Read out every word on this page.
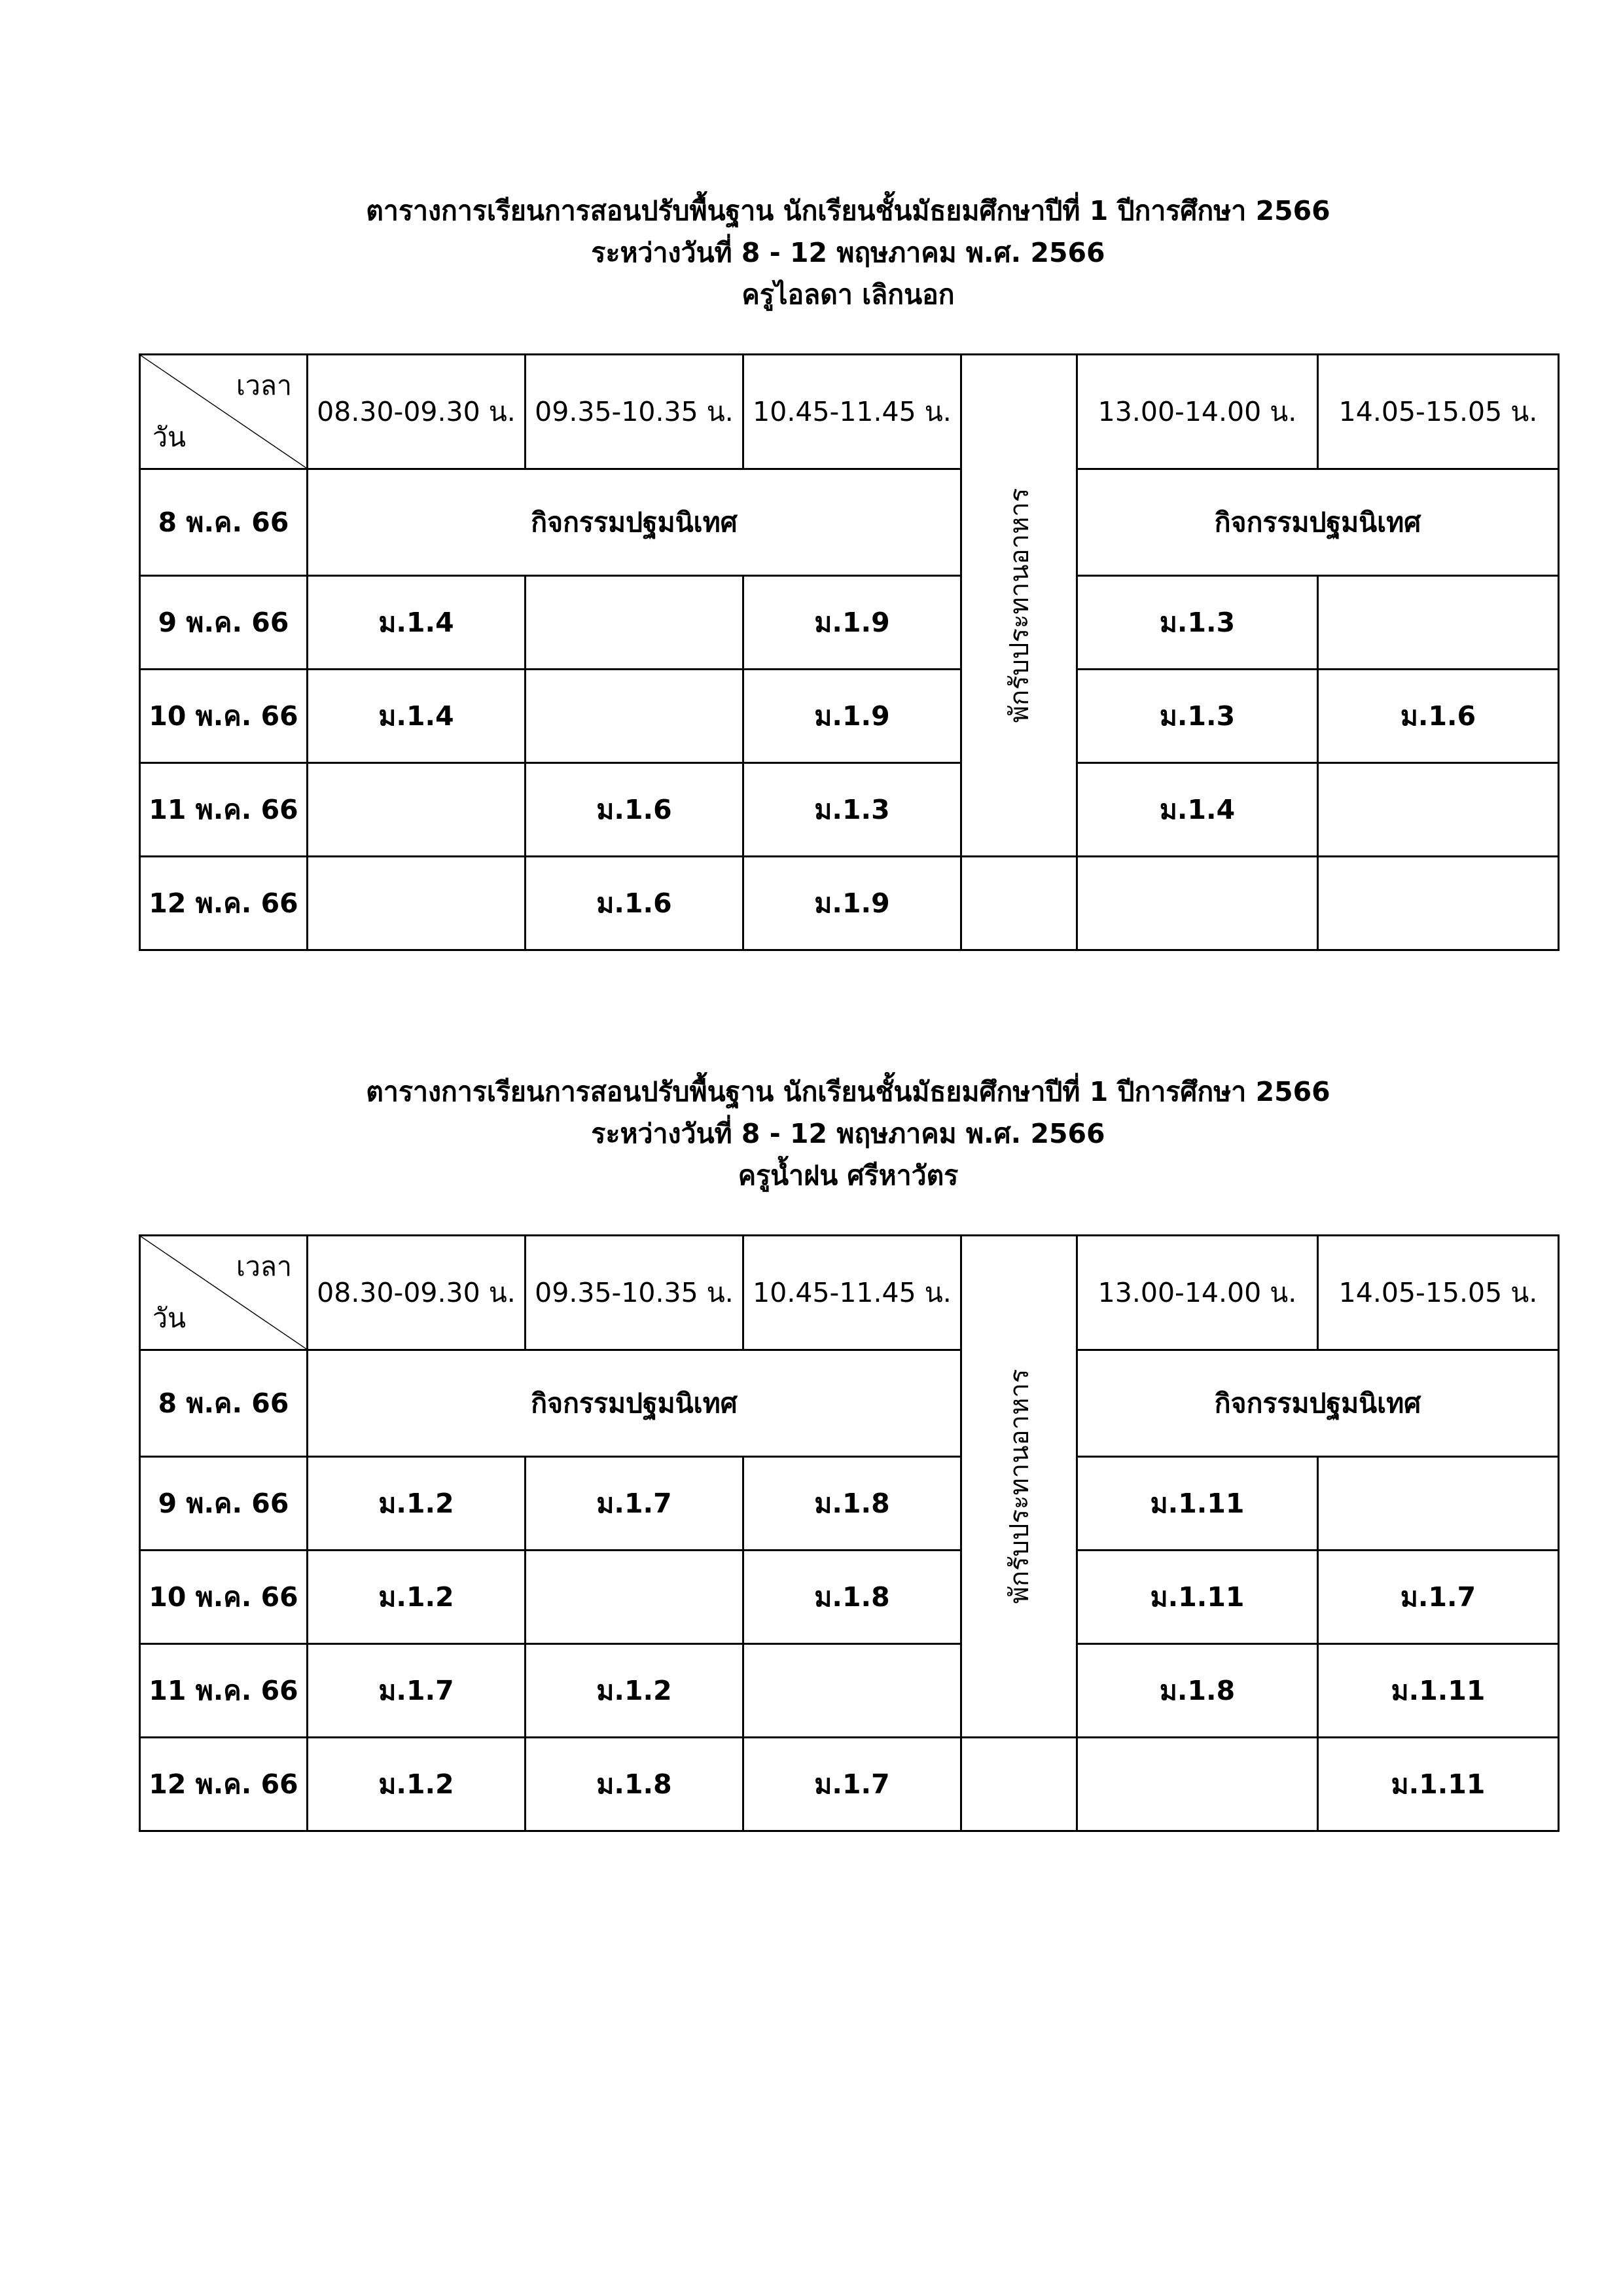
ตารางการเรียนการสอนปรับพื้นฐาน นักเรียนชั้นมัธยมศึกษาปีที่ 1 ปีการศึกษา 2566

ระหว่างวันที่ 8 - 12 พฤษภาคม พ.ศ. 2566

ครูไอลดา เลิกนอก

เวลา
วัน	08.30-09.30 น.	09.35-10.35 น.	10.45-11.45 น.	พักรับประทานอาหาร	13.00-14.00 น.	14.05-15.05 น.
8 พ.ค. 66	กิจกรรมปฐมนิเทศ				กิจกรรมปฐมนิเทศ	
9 พ.ค. 66	ม.1.4		ม.1.9		ม.1.3	
10 พ.ค. 66	ม.1.4		ม.1.9		ม.1.3	ม.1.6
11 พ.ค. 66		ม.1.6	ม.1.3		ม.1.4	
12 พ.ค. 66		ม.1.6	ม.1.9			

ตารางการเรียนการสอนปรับพื้นฐาน นักเรียนชั้นมัธยมศึกษาปีที่ 1 ปีการศึกษา 2566

ระหว่างวันที่ 8 - 12 พฤษภาคม พ.ศ. 2566

ครูน้ำฝน ศรีหาวัตร

เวลา
วัน	08.30-09.30 น.	09.35-10.35 น.	10.45-11.45 น.	พักรับประทานอาหาร	13.00-14.00 น.	14.05-15.05 น.
8 พ.ค. 66	กิจกรรมปฐมนิเทศ				กิจกรรมปฐมนิเทศ	
9 พ.ค. 66	ม.1.2	ม.1.7	ม.1.8		ม.1.11	
10 พ.ค. 66	ม.1.2		ม.1.8		ม.1.11	ม.1.7
11 พ.ค. 66	ม.1.7	ม.1.2			ม.1.8	ม.1.11
12 พ.ค. 66	ม.1.2	ม.1.8	ม.1.7			ม.1.11
